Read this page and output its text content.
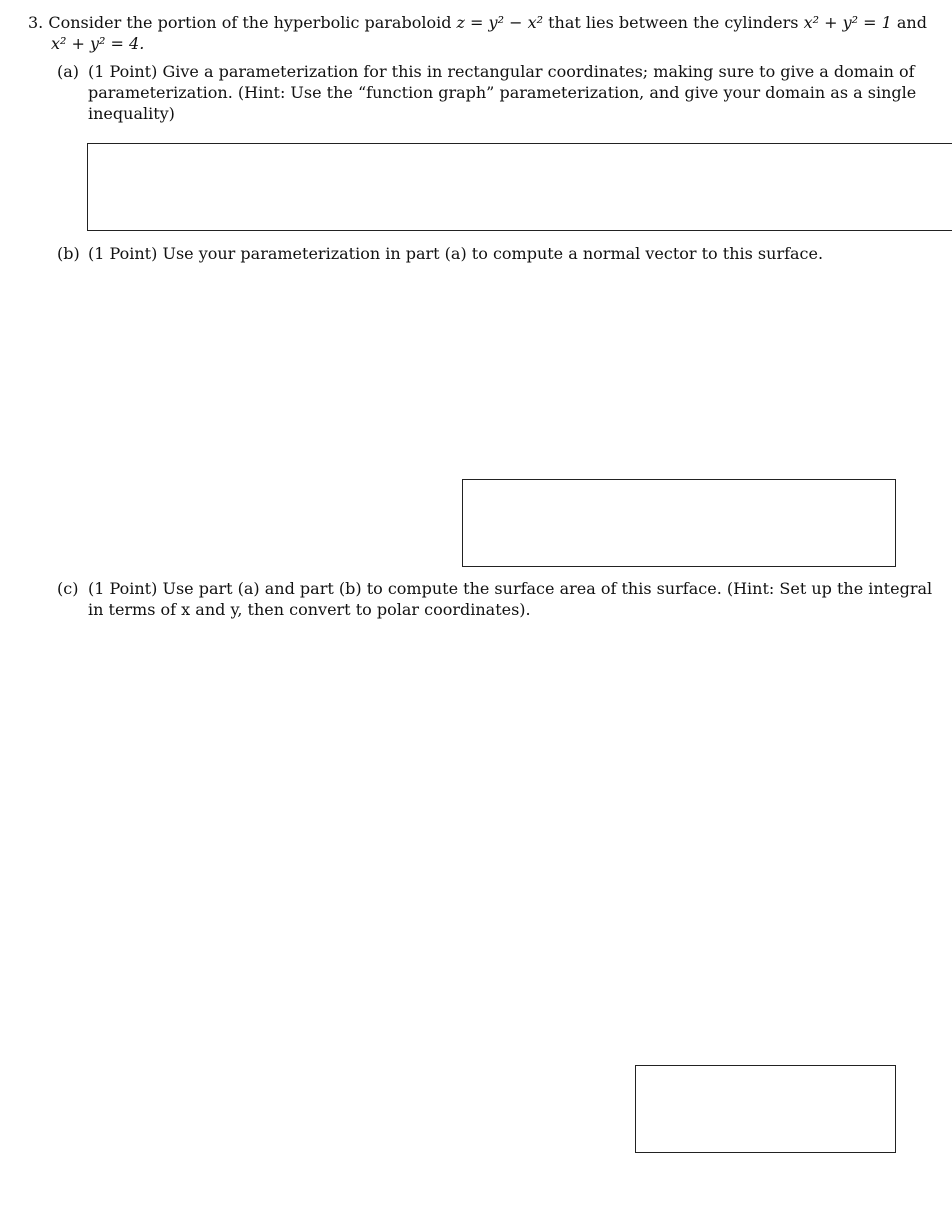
3. Consider the portion of the hyperbolic paraboloid z = y² − x² that lies between the cylinders x² + y² = 1 and
x² + y² = 4.
(a) (1 Point) Give a parameterization for this in rectangular coordinates; making sure to give a domain of
parameterization. (Hint: Use the “function graph” parameterization, and give your domain as a single
inequality)
(b) (1 Point) Use your parameterization in part (a) to compute a normal vector to this surface.
(c) (1 Point) Use part (a) and part (b) to compute the surface area of this surface. (Hint: Set up the integral
in terms of x and y, then convert to polar coordinates).
